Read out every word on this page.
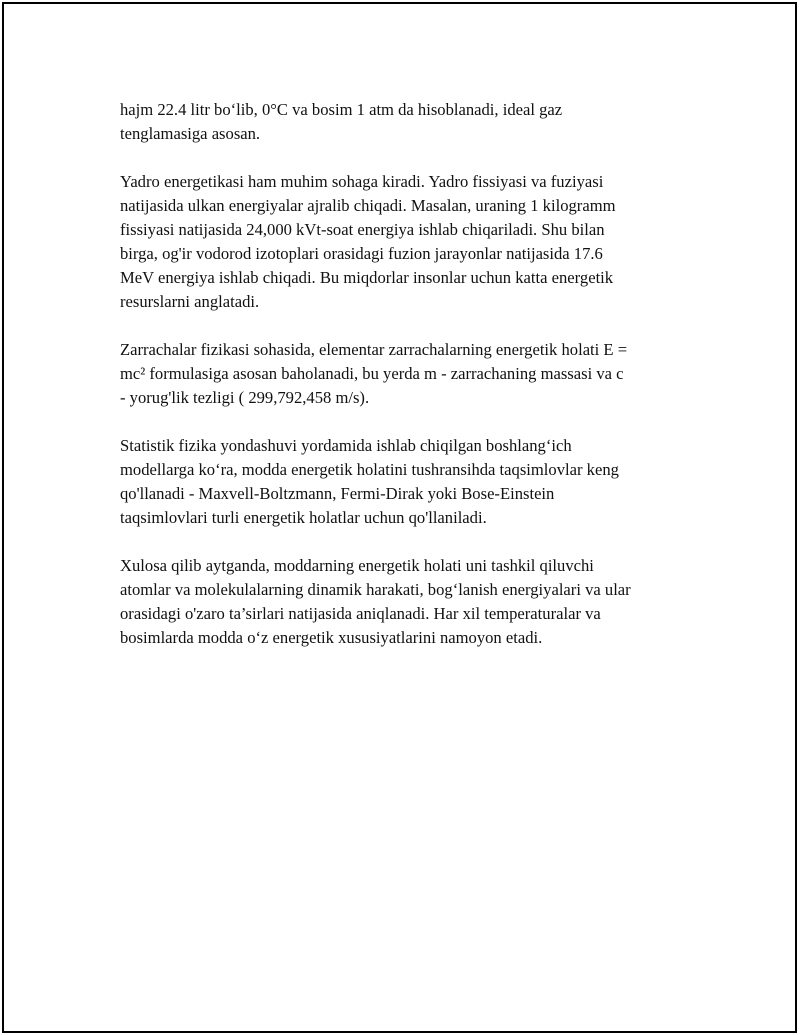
hajm 22.4 litr bo‘lib, 0°C va bosim 1 atm da hisoblanadi, ideal gaz
tenglamasiga asosan.

Yadro energetikasi ham muhim sohaga kiradi. Yadro fissiyasi va fuziyasi
natijasida ulkan energiyalar ajralib chiqadi. Masalan, uraning 1 kilogramm
fissiyasi natijasida 24,000 kVt-soat energiya ishlab chiqariladi. Shu bilan
birga, og'ir vodorod izotoplari orasidagi fuzion jarayonlar natijasida 17.6
MeV energiya ishlab chiqadi. Bu miqdorlar insonlar uchun katta energetik
resurslarni anglatadi.

Zarrachalar fizikasi sohasida, elementar zarrachalarning energetik holati E =
mc² formulasiga asosan baholanadi, bu yerda m - zarrachaning massasi va c
- yorug'lik tezligi ( 299,792,458 m/s).

Statistik fizika yondashuvi yordamida ishlab chiqilgan boshlang‘ich
modellarga ko‘ra, modda energetik holatini tushransihda taqsimlovlar keng
qo'llanadi - Maxvell-Boltzmann, Fermi-Dirak yoki Bose-Einstein
taqsimlovlari turli energetik holatlar uchun qo'llaniladi.

Xulosa qilib aytganda, moddarning energetik holati uni tashkil qiluvchi
atomlar va molekulalarning dinamik harakati, bog‘lanish energiyalari va ular
orasidagi o'zaro ta’sirlari natijasida aniqlanadi. Har xil temperaturalar va
bosimlarda modda o‘z energetik xususiyatlarini namoyon etadi.
